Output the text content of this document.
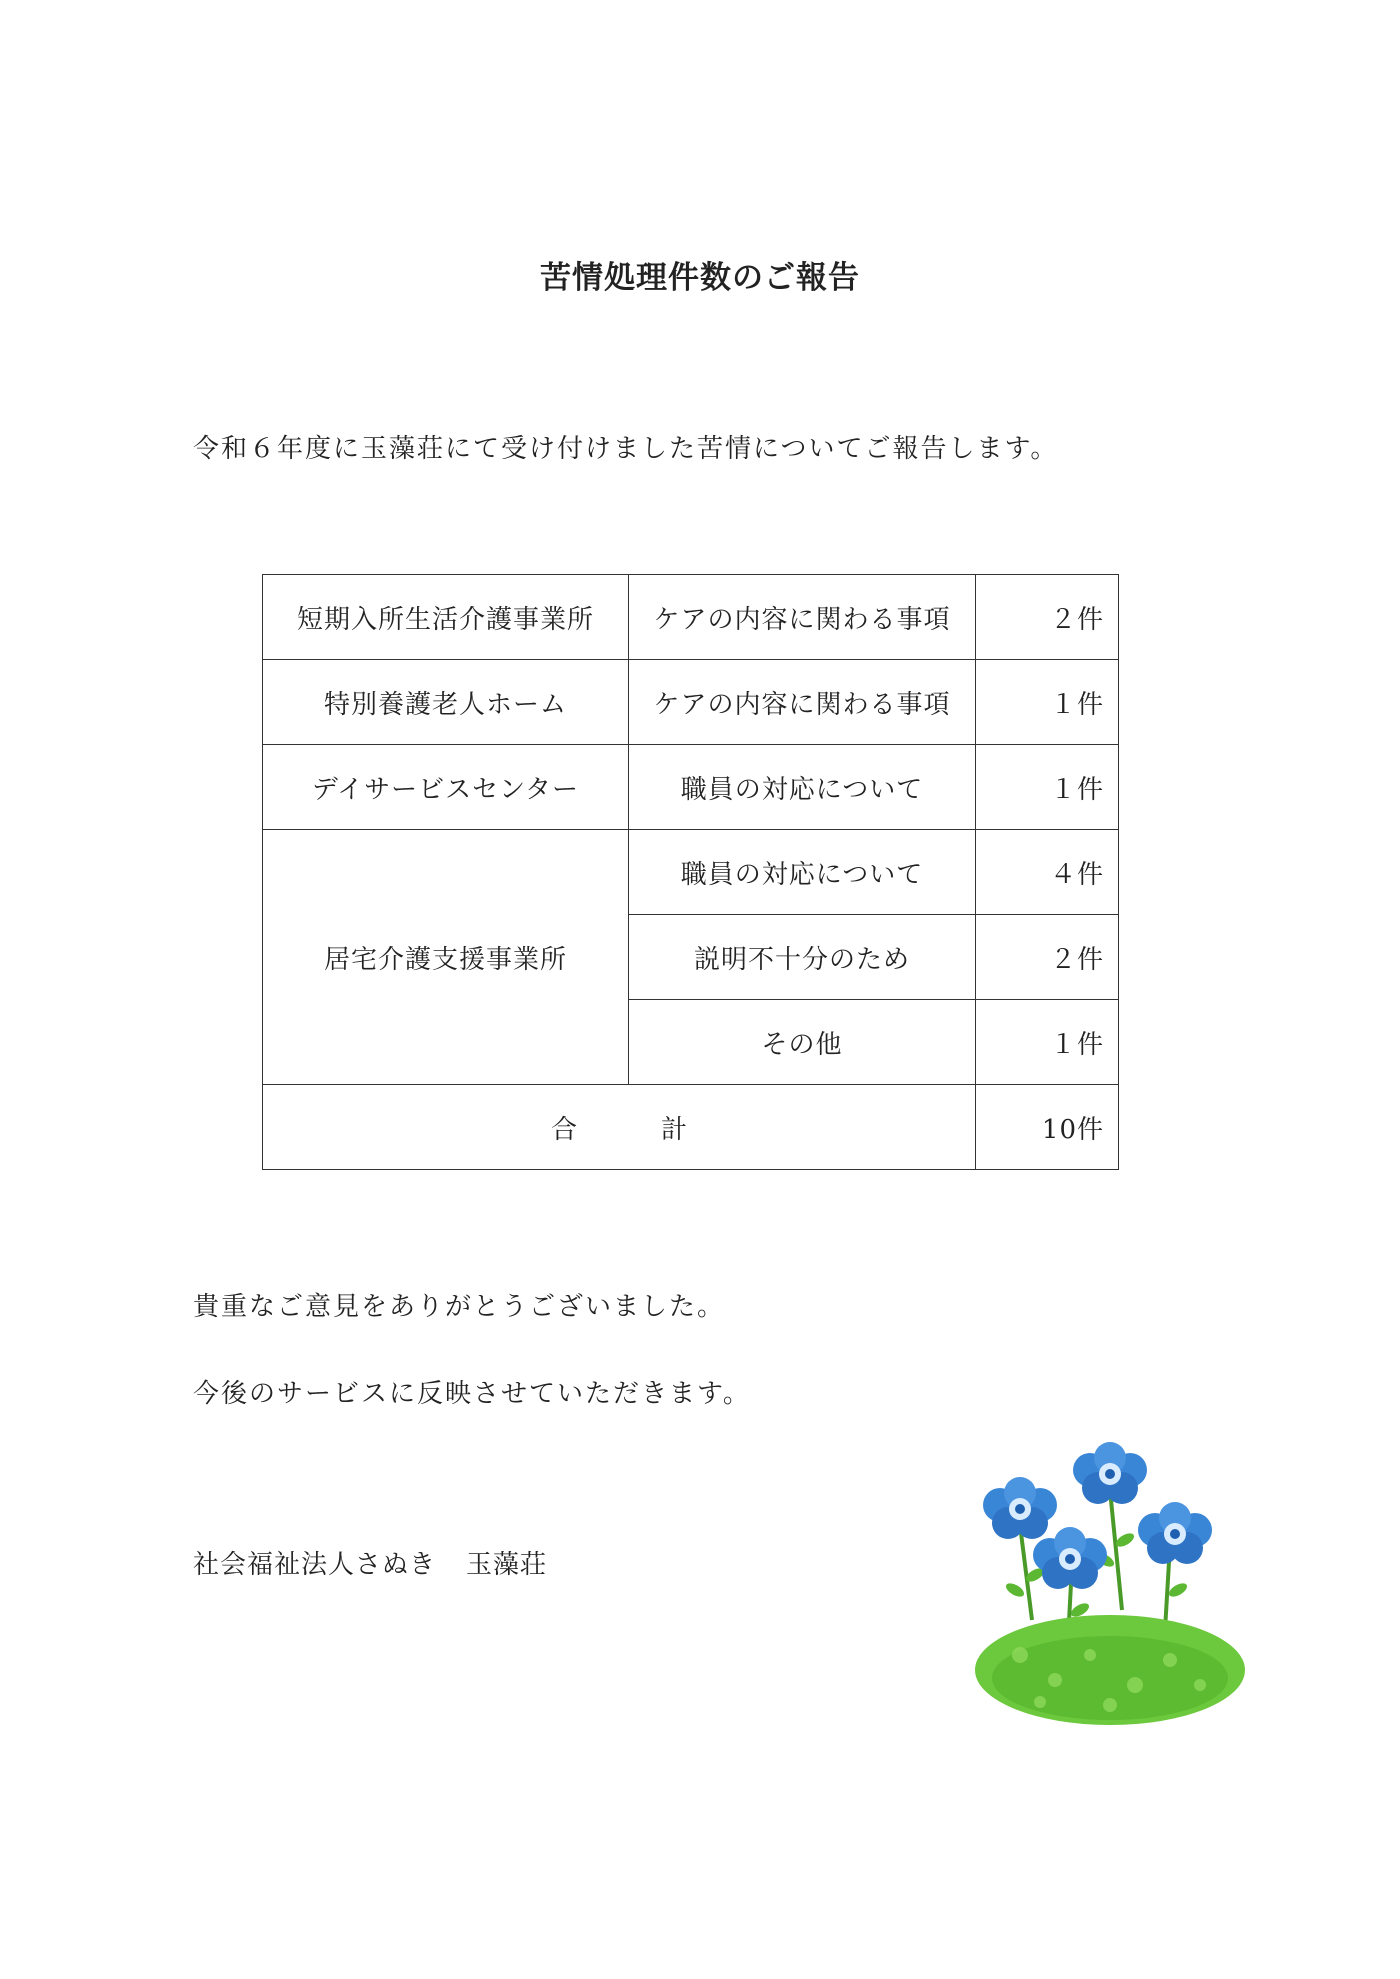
苦情処理件数のご報告
令和６年度に玉藻荘にて受け付けました苦情についてご報告します。
短期入所生活介護事業所	ケアの内容に関わる事項	２件
特別養護老人ホーム	ケアの内容に関わる事項	１件
デイサービスセンター	職員の対応について	１件
居宅介護支援事業所	職員の対応について	４件
	説明不十分のため	２件
	その他	１件
合 計		10件
貴重なご意見をありがとうございました。
今後のサービスに反映させていただきます。
社会福祉法人さぬき 玉藻荘
